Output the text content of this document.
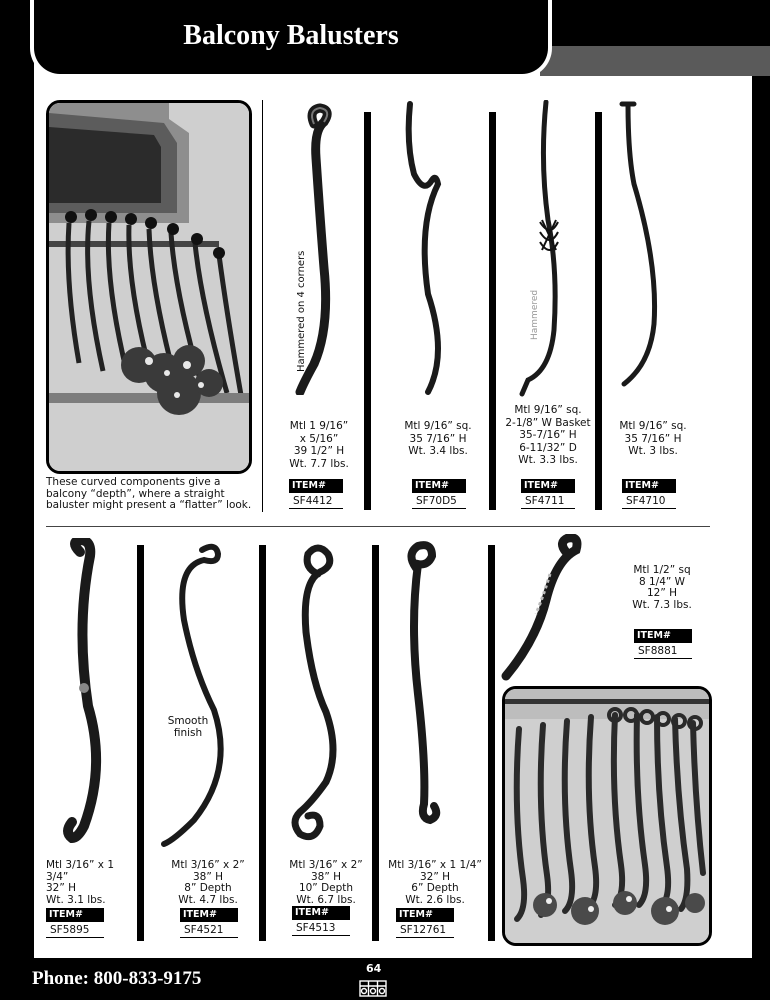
Balcony Balusters
These curved components give a balcony “depth”, where a straight baluster might present a “flatter” look.
Hammered on 4 corners
Mtl 1 9/16”
x 5/16”
39 1/2” H
Wt. 7.7 lbs.
ITEM#
SF4412
Mtl 9/16” sq.
35 7/16” H
Wt. 3.4 lbs.
ITEM#
SF70D5
Hammered
Mtl 9/16” sq.
2-1/8” W Basket
35-7/16” H
6-11/32” D
Wt. 3.3 lbs.
ITEM#
SF4711
Mtl 9/16” sq.
35 7/16” H
Wt. 3 lbs.
ITEM#
SF4710
Mtl 3/16” x 1 3/4”
32” H
Wt. 3.1 lbs.
ITEM#
SF5895
Smooth finish
Mtl 3/16” x 2”
38” H
8” Depth
Wt. 4.7 lbs.
ITEM#
SF4521
Mtl 3/16” x 2”
38” H
10” Depth
Wt. 6.7 lbs.
ITEM#
SF4513
Mtl 3/16” x 1 1/4”
32” H
6” Depth
Wt. 2.6 lbs.
ITEM#
SF12761
Mtl 1/2” sq
8 1/4” W
12” H
Wt. 7.3 lbs.
ITEM#
SF8881
Phone: 800-833-9175	64
